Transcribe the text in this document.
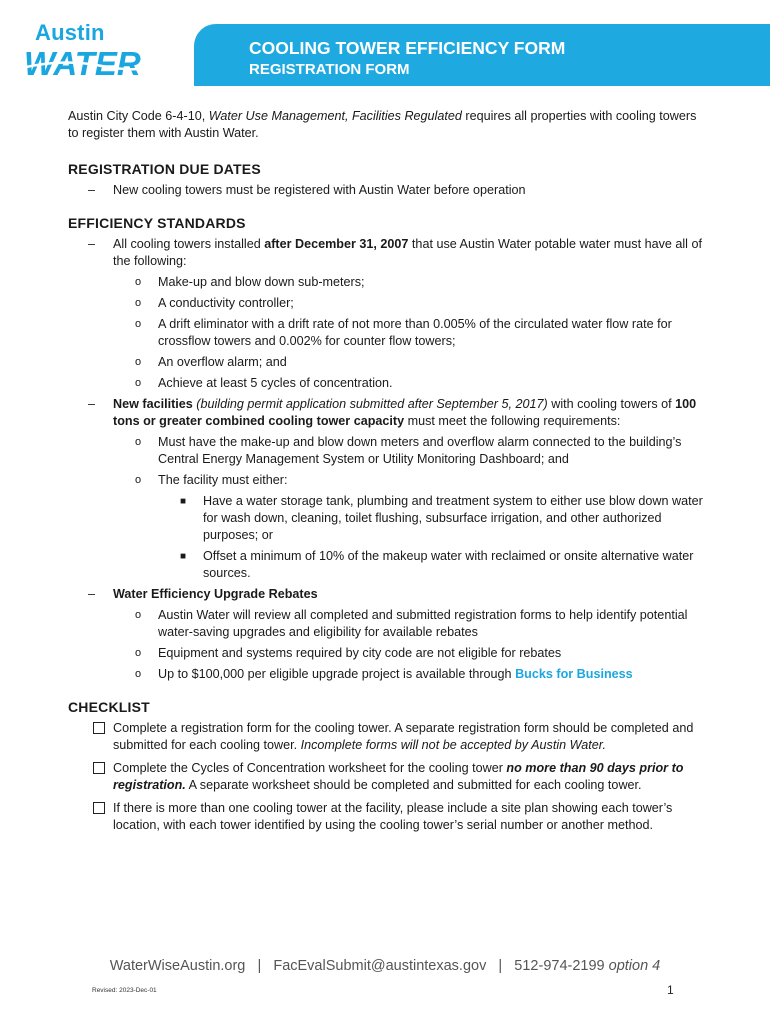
Austin
WATER	COOLING TOWER EFFICIENCY FORM
REGISTRATION FORM

Austin City Code 6-4-10, Water Use Management, Facilities Regulated requires all properties with cooling towers to register them with Austin Water.

REGISTRATION DUE DATES
– New cooling towers must be registered with Austin Water before operation
EFFICIENCY STANDARDS
– All cooling towers installed after December 31, 2007 that use Austin Water potable water must have all of the following:
o Make-up and blow down sub-meters;
o A conductivity controller;
o A drift eliminator with a drift rate of not more than 0.005% of the circulated water flow rate for crossflow towers and 0.002% for counter flow towers;
o An overflow alarm; and
o Achieve at least 5 cycles of concentration.
– New facilities (building permit application submitted after September 5, 2017) with cooling towers of 100 tons or greater combined cooling tower capacity must meet the following requirements:
o Must have the make-up and blow down meters and overflow alarm connected to the building’s Central Energy Management System or Utility Monitoring Dashboard; and
o The facility must either:
■ Have a water storage tank, plumbing and treatment system to either use blow down water for wash down, cleaning, toilet flushing, subsurface irrigation, and other authorized purposes; or
■ Offset a minimum of 10% of the makeup water with reclaimed or onsite alternative water sources.
– Water Efficiency Upgrade Rebates
o Austin Water will review all completed and submitted registration forms to help identify potential water-saving upgrades and eligibility for available rebates
o Equipment and systems required by city code are not eligible for rebates
o Up to $100,000 per eligible upgrade project is available through Bucks for Business
CHECKLIST
Complete a registration form for the cooling tower. A separate registration form should be completed and submitted for each cooling tower. Incomplete forms will not be accepted by Austin Water.
Complete the Cycles of Concentration worksheet for the cooling tower no more than 90 days prior to registration. A separate worksheet should be completed and submitted for each cooling tower.
If there is more than one cooling tower at the facility, please include a site plan showing each tower’s location, with each tower identified by using the cooling tower’s serial number or another method.
WaterWiseAustin.org | FacEvalSubmit@austintexas.gov | 512-974-2199 option 4
Revised: 2023-Dec-01	1
